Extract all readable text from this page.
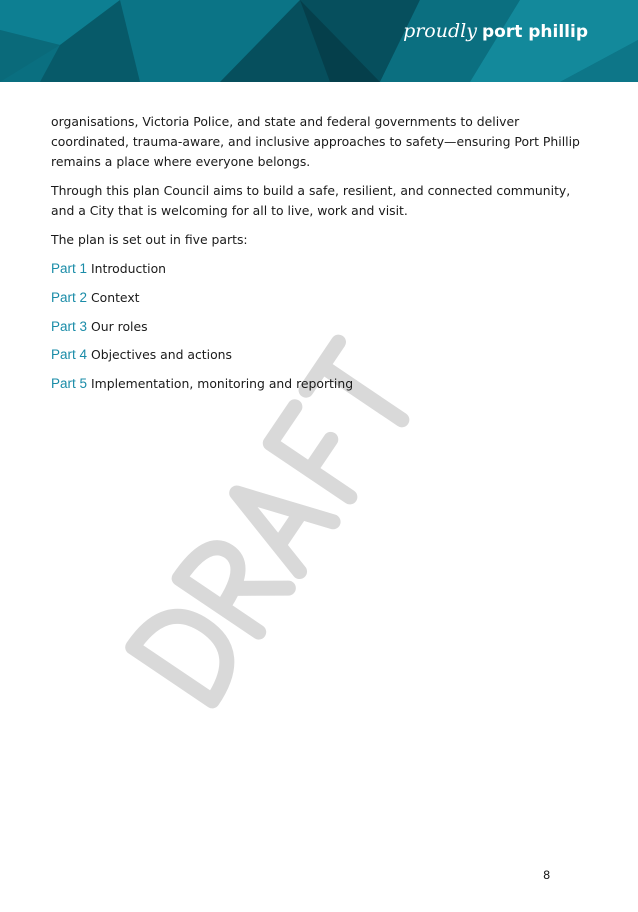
proudly port phillip

organisations, Victoria Police, and state and federal governments to deliver coordinated, trauma-aware, and inclusive approaches to safety—ensuring Port Phillip remains a place where everyone belongs.

Through this plan Council aims to build a safe, resilient, and connected community, and a City that is welcoming for all to live, work and visit.

The plan is set out in five parts:

Part 1 Introduction
Part 2 Context
Part 3 Our roles
Part 4 Objectives and actions
Part 5 Implementation, monitoring and reporting
8
